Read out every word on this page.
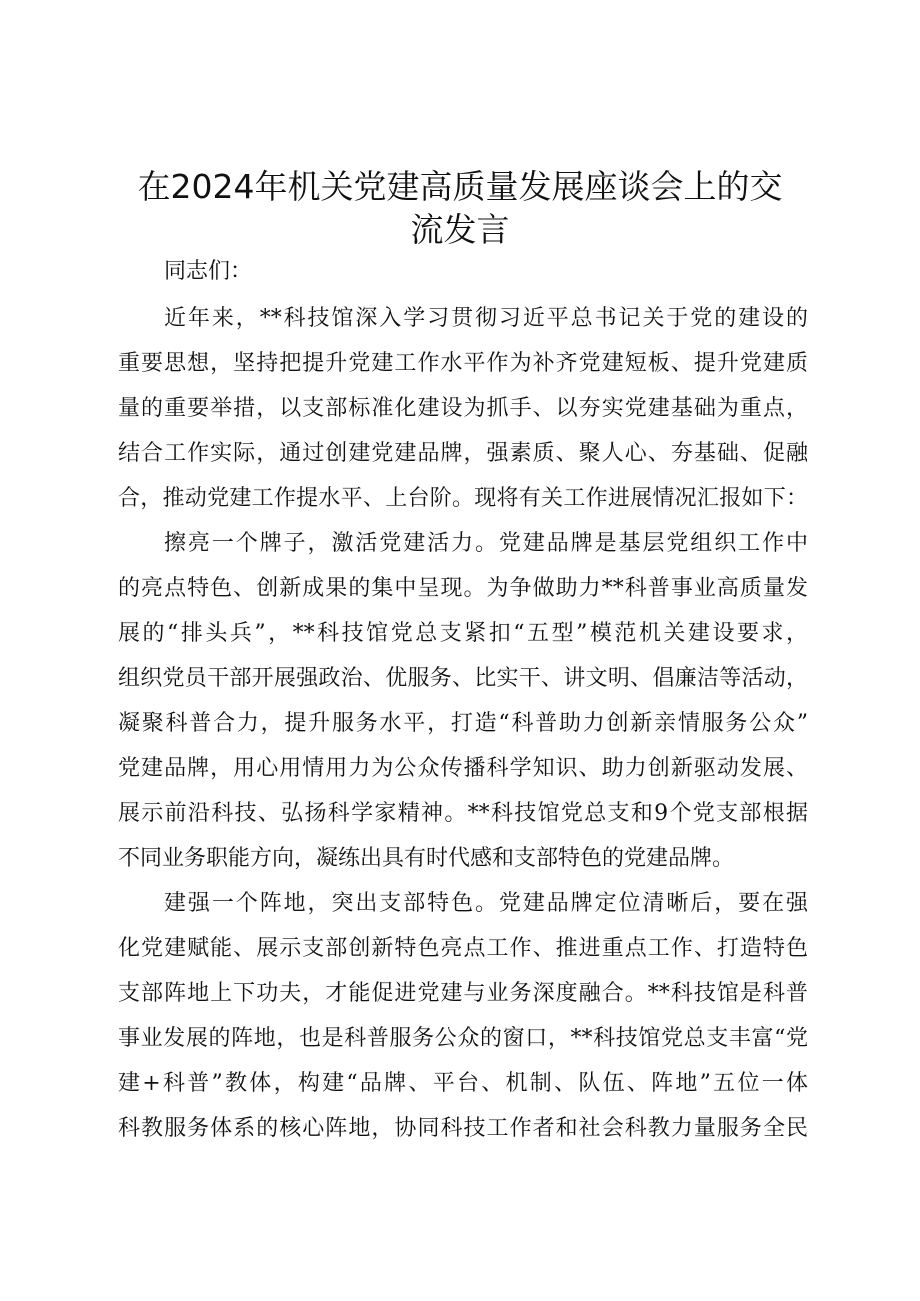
在2024年机关党建高质量发展座谈会上的交
流发言
同志们：
近年来，**科技馆深入学习贯彻习近平总书记关于党的建设的
重要思想，坚持把提升党建工作水平作为补齐党建短板、提升党建质
量的重要举措，以支部标准化建设为抓手、以夯实党建基础为重点，
结合工作实际，通过创建党建品牌，强素质、聚人心、夯基础、促融
合，推动党建工作提水平、上台阶。现将有关工作进展情况汇报如下：
擦亮一个牌子，激活党建活力。党建品牌是基层党组织工作中
的亮点特色、创新成果的集中呈现。为争做助力**科普事业高质量发
展的“排头兵”，**科技馆党总支紧扣“五型”模范机关建设要求，
组织党员干部开展强政治、优服务、比实干、讲文明、倡廉洁等活动，
凝聚科普合力，提升服务水平，打造“科普助力创新亲情服务公众”
党建品牌，用心用情用力为公众传播科学知识、助力创新驱动发展、
展示前沿科技、弘扬科学家精神。**科技馆党总支和9个党支部根据
不同业务职能方向，凝练出具有时代感和支部特色的党建品牌。
建强一个阵地，突出支部特色。党建品牌定位清晰后，要在强
化党建赋能、展示支部创新特色亮点工作、推进重点工作、打造特色
支部阵地上下功夫，才能促进党建与业务深度融合。**科技馆是科普
事业发展的阵地，也是科普服务公众的窗口，**科技馆党总支丰富“党
建+科普”教体，构建“品牌、平台、机制、队伍、阵地”五位一体
科教服务体系的核心阵地，协同科技工作者和社会科教力量服务全民
